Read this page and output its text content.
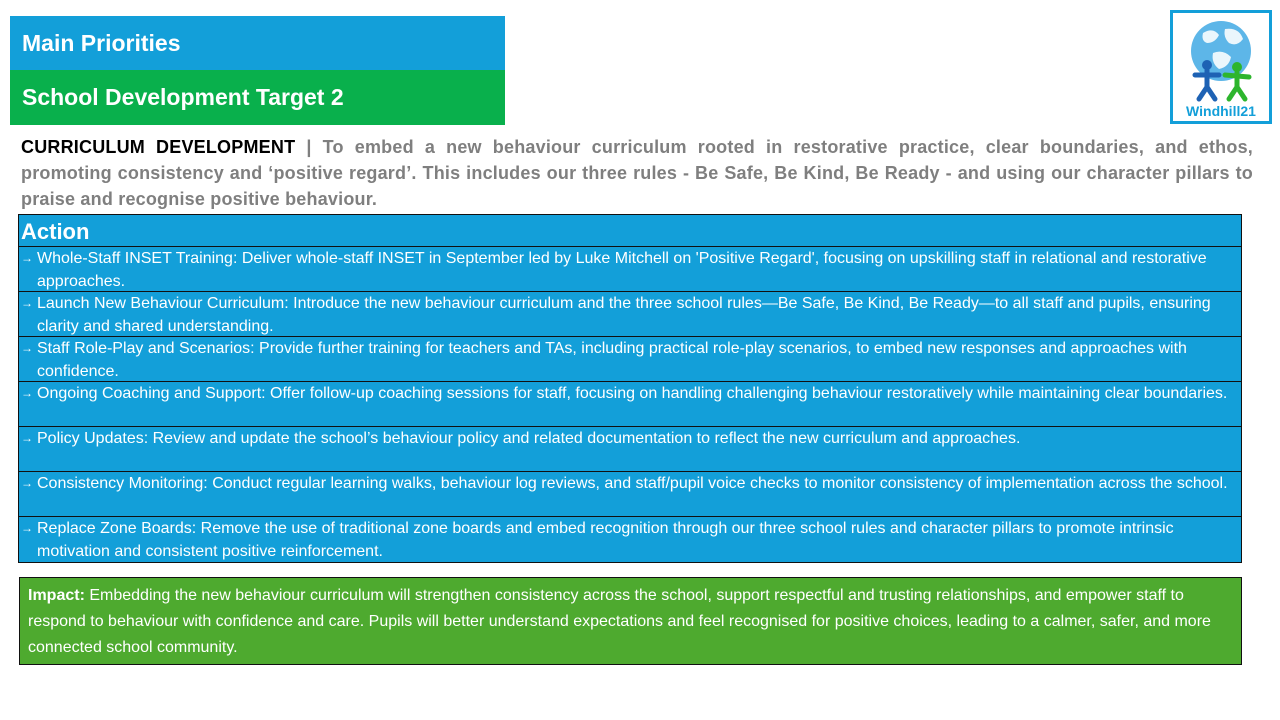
Main Priorities
School Development Target 2
Windhill21
CURRICULUM DEVELOPMENT | To embed a new behaviour curriculum rooted in restorative practice, clear boundaries, and ethos, promoting consistency and ‘positive regard’. This includes our three rules - Be Safe, Be Kind, Be Ready - and using our character pillars to praise and recognise positive behaviour.
Action
→ Whole-Staff INSET Training: Deliver whole-staff INSET in September led by Luke Mitchell on 'Positive Regard', focusing on upskilling staff in relational and restorative approaches.
→ Launch New Behaviour Curriculum: Introduce the new behaviour curriculum and the three school rules—Be Safe, Be Kind, Be Ready—to all staff and pupils, ensuring clarity and shared understanding.
→ Staff Role-Play and Scenarios: Provide further training for teachers and TAs, including practical role-play scenarios, to embed new responses and approaches with confidence.
→ Ongoing Coaching and Support: Offer follow-up coaching sessions for staff, focusing on handling challenging behaviour restoratively while maintaining clear boundaries.
→ Policy Updates: Review and update the school’s behaviour policy and related documentation to reflect the new curriculum and approaches.
→ Consistency Monitoring: Conduct regular learning walks, behaviour log reviews, and staff/pupil voice checks to monitor consistency of implementation across the school.
→ Replace Zone Boards: Remove the use of traditional zone boards and embed recognition through our three school rules and character pillars to promote intrinsic motivation and consistent positive reinforcement.
Impact: Embedding the new behaviour curriculum will strengthen consistency across the school, support respectful and trusting relationships, and empower staff to respond to behaviour with confidence and care. Pupils will better understand expectations and feel recognised for positive choices, leading to a calmer, safer, and more connected school community.
